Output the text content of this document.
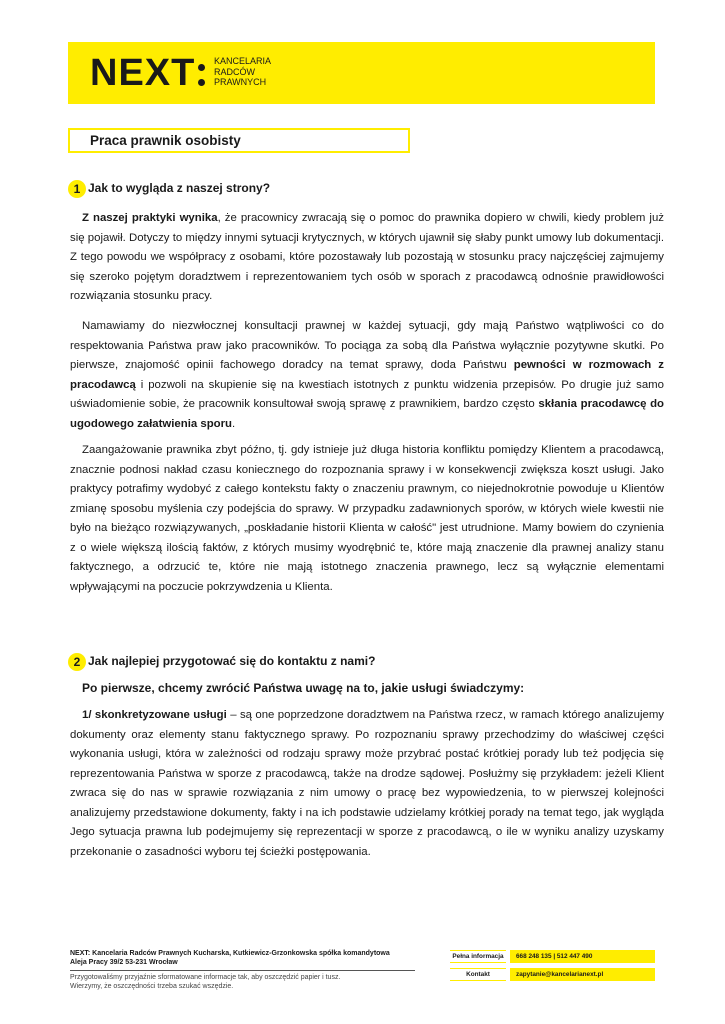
NEXT KANCELARIA
RADCÓW
PRAWNYCH
Praca prawnik osobisty
1 Jak to wygląda z naszej strony?

Z naszej praktyki wynika, że pracownicy zwracają się o pomoc do prawnika dopiero w chwili, kiedy problem już się pojawił. Dotyczy to między innymi sytuacji krytycznych, w których ujawnił się słaby punkt umowy lub dokumentacji. Z tego powodu we współpracy z osobami, które pozostawały lub pozostają w stosunku pracy najczęściej zajmujemy się szeroko pojętym doradztwem i reprezentowaniem tych osób w sporach z pracodawcą odnośnie prawidłowości rozwiązania stosunku pracy.

Namawiamy do niezwłocznej konsultacji prawnej w każdej sytuacji, gdy mają Państwo wątpliwości co do respektowania Państwa praw jako pracowników. To pociąga za sobą dla Państwa wyłącznie pozytywne skutki. Po pierwsze, znajomość opinii fachowego doradcy na temat sprawy, doda Państwu pewności w rozmowach z pracodawcą i pozwoli na skupienie się na kwestiach istotnych z punktu widzenia przepisów. Po drugie już samo uświadomienie sobie, że pracownik konsultował swoją sprawę z prawnikiem, bardzo często skłania pracodawcę do ugodowego załatwienia sporu.

Zaangażowanie prawnika zbyt późno, tj. gdy istnieje już długa historia konfliktu pomiędzy Klientem a pracodawcą, znacznie podnosi nakład czasu koniecznego do rozpoznania sprawy i w konsekwencji zwiększa koszt usługi. Jako praktycy potrafimy wydobyć z całego kontekstu fakty o znaczeniu prawnym, co niejednokrotnie powoduje u Klientów zmianę sposobu myślenia czy podejścia do sprawy. W przypadku zadawnionych sporów, w których wiele kwestii nie było na bieżąco rozwiązywanych, „poskładanie historii Klienta w całość" jest utrudnione. Mamy bowiem do czynienia z o wiele większą ilością faktów, z których musimy wyodrębnić te, które mają znaczenie dla prawnej analizy stanu faktycznego, a odrzucić te, które nie mają istotnego znaczenia prawnego, lecz są wyłącznie elementami wpływającymi na poczucie pokrzywdzenia u Klienta.

2 Jak najlepiej przygotować się do kontaktu z nami?
Po pierwsze, chcemy zwrócić Państwa uwagę na to, jakie usługi świadczymy:

1/ skonkretyzowane usługi – są one poprzedzone doradztwem na Państwa rzecz, w ramach którego analizujemy dokumenty oraz elementy stanu faktycznego sprawy. Po rozpoznaniu sprawy przechodzimy do właściwej części wykonania usługi, która w zależności od rodzaju sprawy może przybrać postać krótkiej porady lub też podjęcia się reprezentowania Państwa w sporze z pracodawcą, także na drodze sądowej. Posłużmy się przykładem: jeżeli Klient zwraca się do nas w sprawie rozwiązania z nim umowy o pracę bez wypowiedzenia, to w pierwszej kolejności analizujemy przedstawione dokumenty, fakty i na ich podstawie udzielamy krótkiej porady na temat tego, jak wygląda Jego sytuacja prawna lub podejmujemy się reprezentacji w sporze z pracodawcą, o ile w wyniku analizy uzyskamy przekonanie o zasadności wyboru tej ścieżki postępowania.

NEXT: Kancelaria Radców Prawnych Kucharska, Kutkiewicz-Grzonkowska spółka komandytowa
Aleja Pracy 39/2 53-231 Wrocław
Przygotowaliśmy przyjaźnie sformatowane informacje tak, aby oszczędzić papier i tusz.
Wierzymy, że oszczędności trzeba szukać wszędzie.
Pełna informacja	668 248 135 | 512 447 490
Kontakt	zapytanie@kancelarianext.pl
